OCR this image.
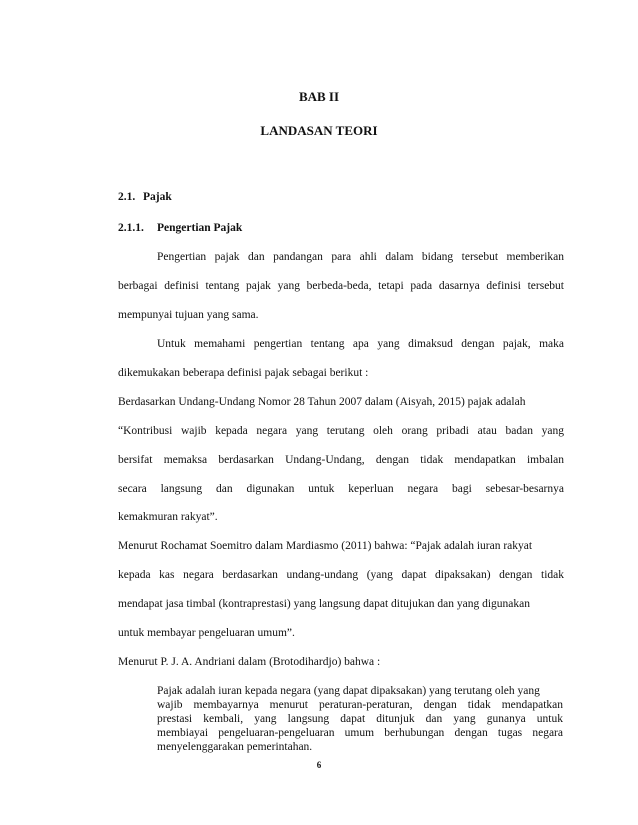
BAB II
LANDASAN TEORI
2.1. Pajak
2.1.1. Pengertian Pajak
Pengertian pajak dan pandangan para ahli dalam bidang tersebut memberikan
berbagai definisi tentang pajak yang berbeda-beda, tetapi pada dasarnya definisi tersebut
mempunyai tujuan yang sama.
Untuk memahami pengertian tentang apa yang dimaksud dengan pajak, maka
dikemukakan beberapa definisi pajak sebagai berikut :
Berdasarkan Undang-Undang Nomor 28 Tahun 2007 dalam (Aisyah, 2015) pajak adalah
“Kontribusi wajib kepada negara yang terutang oleh orang pribadi atau badan yang
bersifat memaksa berdasarkan Undang-Undang, dengan tidak mendapatkan imbalan
secara langsung dan digunakan untuk keperluan negara bagi sebesar-besarnya
kemakmuran rakyat”.
Menurut Rochamat Soemitro dalam Mardiasmo (2011) bahwa: “Pajak adalah iuran rakyat
kepada kas negara berdasarkan undang-undang (yang dapat dipaksakan) dengan tidak
mendapat jasa timbal (kontraprestasi) yang langsung dapat ditujukan dan yang digunakan
untuk membayar pengeluaran umum”.
Menurut P. J. A. Andriani dalam (Brotodihardjo) bahwa :
Pajak adalah iuran kepada negara (yang dapat dipaksakan) yang terutang oleh yang
wajib membayarnya menurut peraturan-peraturan, dengan tidak mendapatkan
prestasi kembali, yang langsung dapat ditunjuk dan yang gunanya untuk
membiayai pengeluaran-pengeluaran umum berhubungan dengan tugas negara
menyelenggarakan pemerintahan.
6
